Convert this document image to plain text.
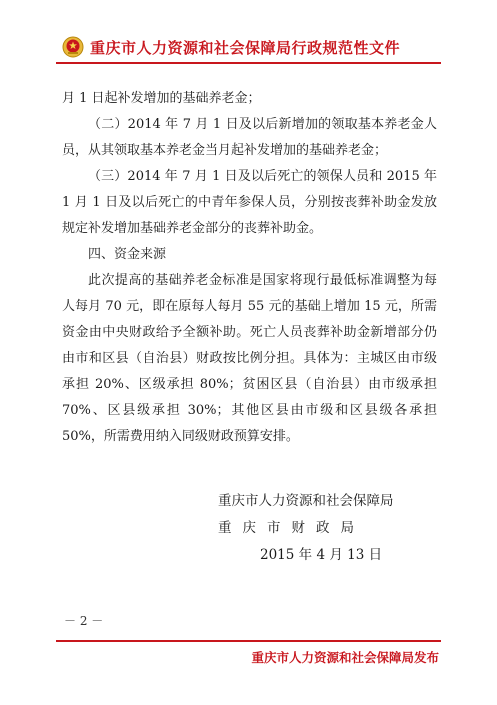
重庆市人力资源和社会保障局行政规范性文件

月 1 日起补发增加的基础养老金；

（二）2014 年 7 月 1 日及以后新增加的领取基本养老金人员，从其领取基本养老金当月起补发增加的基础养老金；

（三）2014 年 7 月 1 日及以后死亡的领保人员和 2015 年 1 月 1 日及以后死亡的中青年参保人员，分别按丧葬补助金发放规定补发增加基础养老金部分的丧葬补助金。

四、资金来源

此次提高的基础养老金标准是国家将现行最低标准调整为每人每月 70 元，即在原每人每月 55 元的基础上增加 15 元，所需资金由中央财政给予全额补助。死亡人员丧葬补助金新增部分仍由市和区县（自治县）财政按比例分担。具体为：主城区由市级承担 20%、区级承担 80%；贫困区县（自治县）由市级承担 70%、区县级承担 30%；其他区县由市级和区县级各承担 50%，所需费用纳入同级财政预算安排。

重庆市人力资源和社会保障局
重庆市财政局
2015 年 4 月 13 日
－ 2 －
重庆市人力资源和社会保障局发布
